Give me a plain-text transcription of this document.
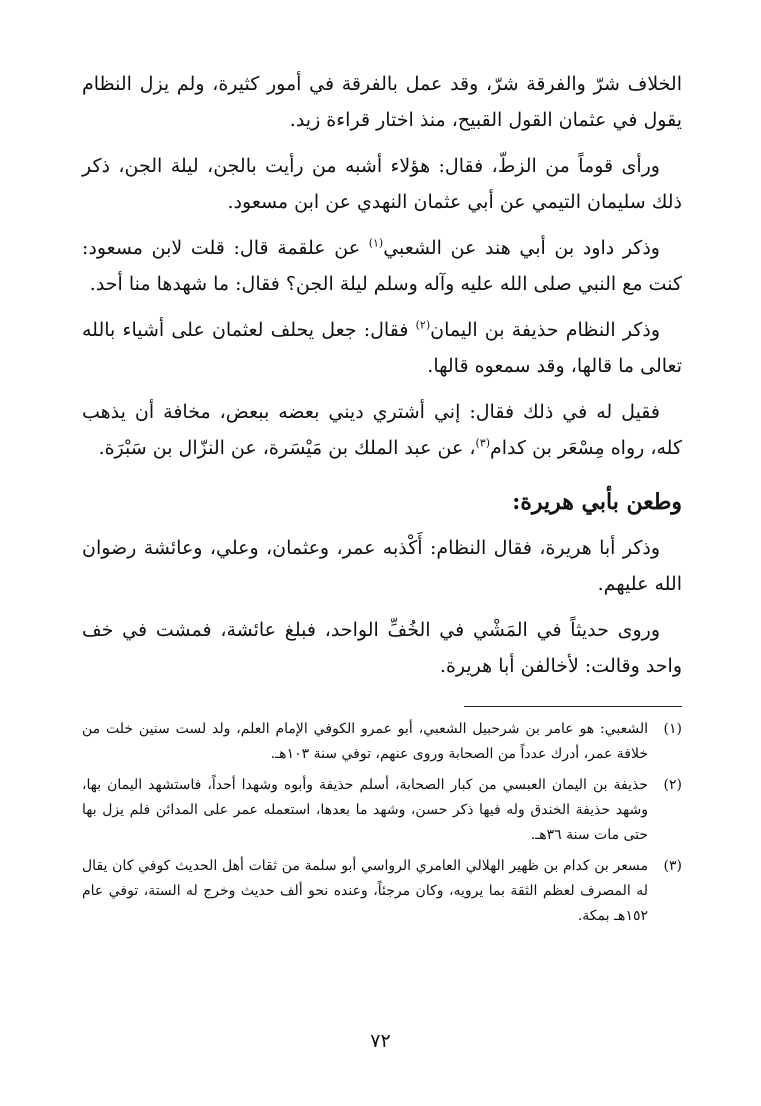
الخلاف شرّ والفرقة شرّ، وقد عمل بالفرقة في أمور كثيرة، ولم يزل النظام يقول في عثمان القول القبيح، منذ اختار قراءة زيد.

ورأى قوماً من الزطّ، فقال: هؤلاء أشبه من رأيت بالجن، ليلة الجن، ذكر ذلك سليمان التيمي عن أبي عثمان النهدي عن ابن مسعود.

وذكر داود بن أبي هند عن الشعبي$^{(١)}$ عن علقمة قال: قلت لابن مسعود: كنت مع النبي صلى الله عليه وآله وسلم ليلة الجن؟ فقال: ما شهدها منا أحد.

وذكر النظام حذيفة بن اليمان$^{(٢)}$ فقال: جعل يحلف لعثمان على أشياء بالله تعالى ما قالها، وقد سمعوه قالها.

فقيل له في ذلك فقال: إني أشتري ديني بعضه ببعض، مخافة أن يذهب كله، رواه مِسْعَر بن كدام$^{(٣)}$، عن عبد الملك بن مَيْسَرة، عن النزّال بن سَبْرَة.

وطعن بأبي هريرة:

وذكر أبا هريرة، فقال النظام: أَكْذبه عمر، وعثمان، وعلي، وعائشة رضوان الله عليهم.

وروى حديثاً في المَشْي في الخُفِّ الواحد، فبلغ عائشة، فمشت في خف واحد وقالت: لأخالفن أبا هريرة.

(١)
الشعبي: هو عامر بن شرحبيل الشعبي، أبو عمرو الكوفي الإمام العلم، ولد لست سنين خلت من خلافة عمر، أدرك عدداً من الصحابة وروى عنهم، توفي سنة ١٠٣هـ.
(٢)
حذيفة بن اليمان العبسي من كبار الصحابة، أسلم حذيفة وأبوه وشهدا أحداً، فاستشهد اليمان بها، وشهد حذيفة الخندق وله فيها ذكر حسن، وشهد ما بعدها، استعمله عمر على المدائن فلم يزل بها حتى مات سنة ٣٦هـ.
(٣)
مسعر بن كدام بن ظهير الهلالي العامري الرواسي أبو سلمة من ثقات أهل الحديث كوفي كان يقال له المصرف لعظم الثقة بما يرويه، وكان مرجئاً، وعنده نحو ألف حديث وخرج له الستة، توفي عام ١٥٢هـ بمكة.
٧٢
